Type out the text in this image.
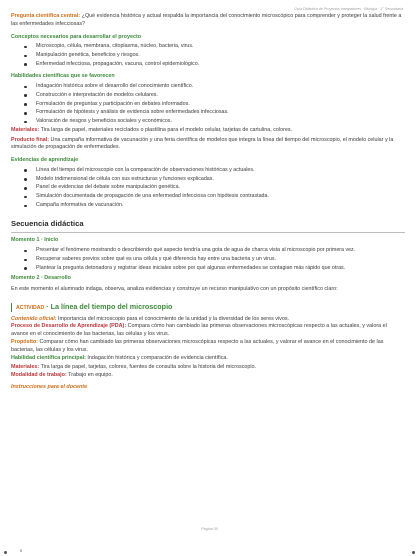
Guía Didáctica de Proyectos Integradores · Biología · 1° Secundaria

Pregunta científica central: ¿Qué evidencia histórica y actual respalda la importancia del conocimiento microscópico para comprender y proteger la salud frente a las enfermedades infecciosas?

Conceptos necesarios para desarrollar el proyecto
Microscopio, célula, membrana, citoplasma, núcleo, bacteria, virus.
Manipulación genética, beneficios y riesgos.
Enfermedad infecciosa, propagación, vacuna, control epidemiológico.
Habilidades científicas que se favorecen
Indagación histórica sobre el desarrollo del conocimiento científico.
Construcción e interpretación de modelos celulares.
Formulación de preguntas y participación en debates informados.
Formulación de hipótesis y análisis de evidencia sobre enfermedades infecciosas.
Valoración de riesgos y beneficios sociales y económicos.

Materiales: Tira larga de papel, materiales reciclados o plastilina para el modelo celular, tarjetas de cartulina, colores.

Producto final: Una campaña informativa de vacunación y una feria científica de modelos que integra la línea del tiempo del microscopio, el modelo celular y la simulación de propagación de enfermedades.

Evidencias de aprendizaje
Línea del tiempo del microscopio con la comparación de observaciones históricas y actuales.
Modelo tridimensional de célula con sus estructuras y funciones explicadas.
Panel de evidencias del debate sobre manipulación genética.
Simulación documentada de propagación de una enfermedad infecciosa con hipótesis contrastada.
Campaña informativa de vacunación.
Secuencia didáctica
Momento 1 · Inicio
Presentar el fenómeno mostrando o describiendo qué aspecto tendría una gota de agua de charca vista al microscopio por primera vez.
Recuperar saberes previos sobre qué es una célula y qué diferencia hay entre una bacteria y un virus.
Plantear la pregunta detonadora y registrar ideas iniciales sobre por qué algunas enfermedades se contagian más rápido que otras.
Momento 2 · Desarrollo

En este momento el alumnado indaga, observa, analiza evidencias y construye un recurso manipulativo con un propósito científico claro:

ACTIVIDAD · La línea del tiempo del microscopio

Contenido oficial: Importancia del microscopio para el conocimiento de la unidad y la diversidad de los seres vivos.

Proceso de Desarrollo de Aprendizaje (PDA): Compara cómo han cambiado las primeras observaciones microscópicas respecto a las actuales, y valora el avance en el conocimiento de las bacterias, las células y los virus.

Propósito: Comparar cómo han cambiado las primeras observaciones microscópicas respecto a las actuales, y valorar el avance en el conocimiento de las bacterias, las células y los virus.

Habilidad científica principal: Indagación histórica y comparación de evidencia científica.

Materiales: Tira larga de papel, tarjetas, colores, fuentes de consulta sobre la historia del microscopio.

Modalidad de trabajo: Trabajo en equipo.

Instrucciones para el docente

Página 39
ñ
